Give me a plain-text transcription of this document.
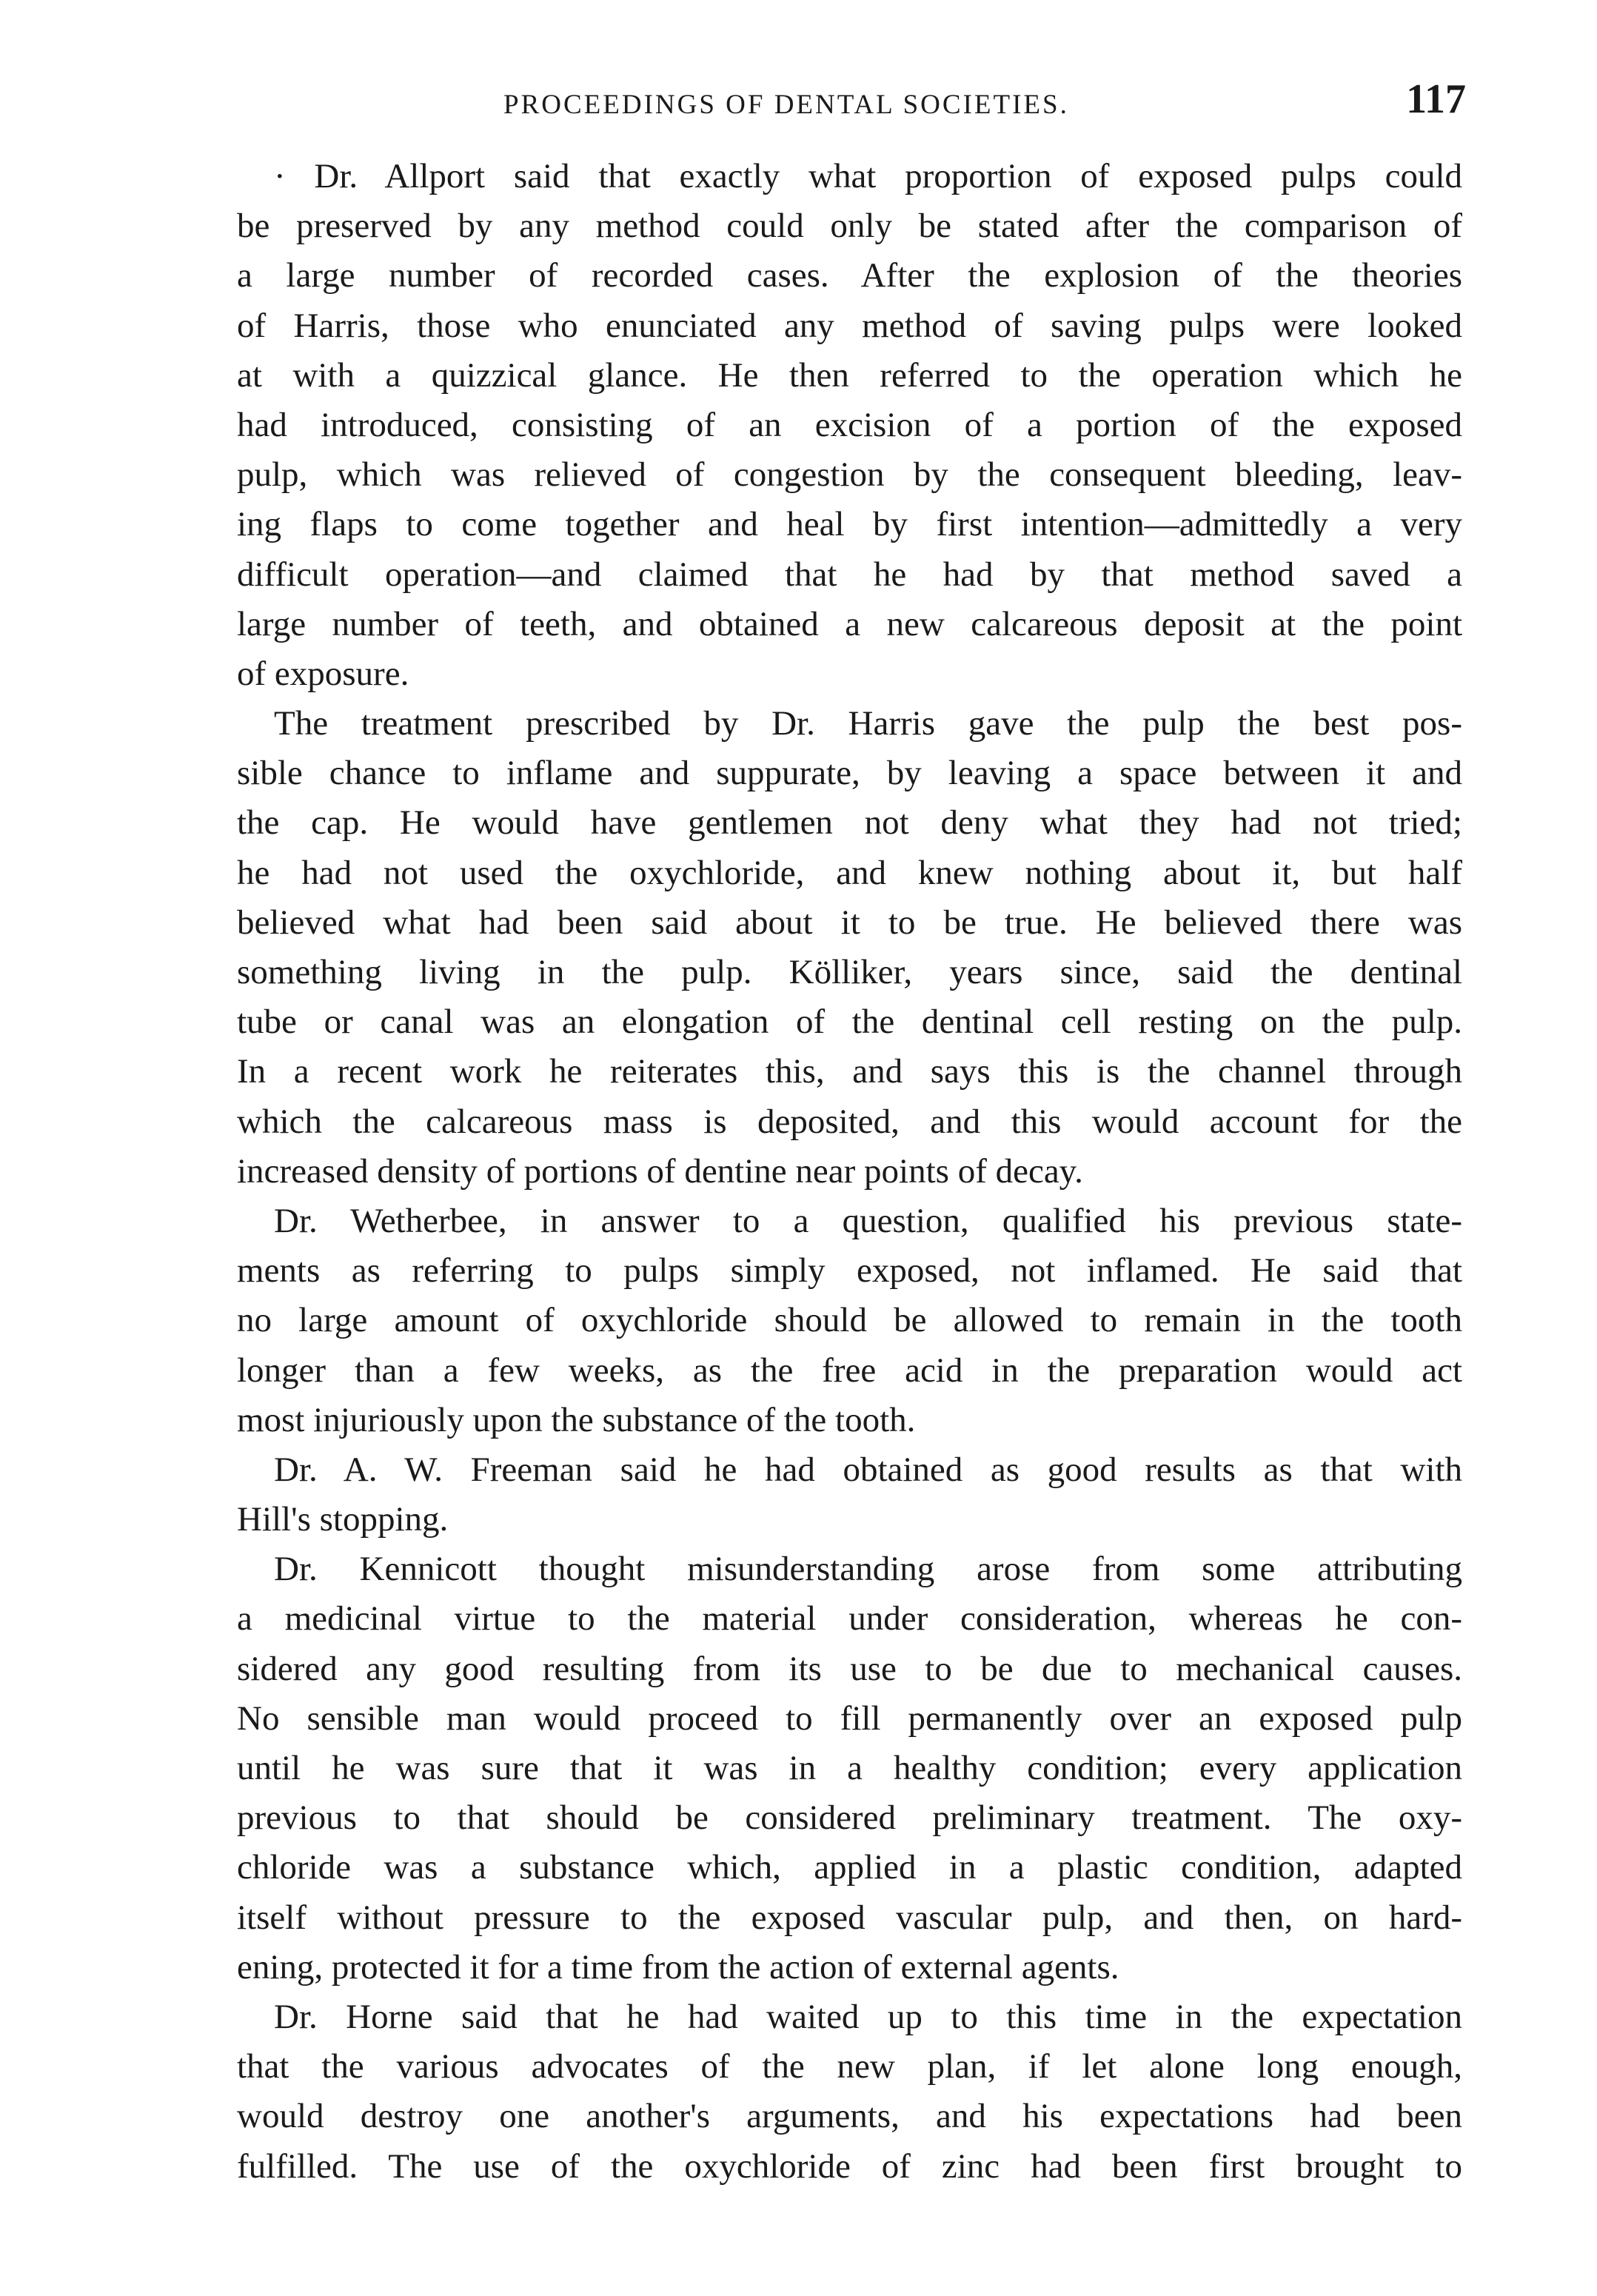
PROCEEDINGS OF DENTAL SOCIETIES.	117
· Dr. Allport said that exactly what proportion of exposed pulps could
be preserved by any method could only be stated after the comparison of
a large number of recorded cases. After the explosion of the theories
of Harris, those who enunciated any method of saving pulps were looked
at with a quizzical glance. He then referred to the operation which he
had introduced, consisting of an excision of a portion of the exposed
pulp, which was relieved of congestion by the consequent bleeding, leav-
ing flaps to come together and heal by first intention—admittedly a very
difficult operation—and claimed that he had by that method saved a
large number of teeth, and obtained a new calcareous deposit at the point
of exposure.
The treatment prescribed by Dr. Harris gave the pulp the best pos-
sible chance to inflame and suppurate, by leaving a space between it and
the cap. He would have gentlemen not deny what they had not tried;
he had not used the oxychloride, and knew nothing about it, but half
believed what had been said about it to be true. He believed there was
something living in the pulp. Kölliker, years since, said the dentinal
tube or canal was an elongation of the dentinal cell resting on the pulp.
In a recent work he reiterates this, and says this is the channel through
which the calcareous mass is deposited, and this would account for the
increased density of portions of dentine near points of decay.
Dr. Wetherbee, in answer to a question, qualified his previous state-
ments as referring to pulps simply exposed, not inflamed. He said that
no large amount of oxychloride should be allowed to remain in the tooth
longer than a few weeks, as the free acid in the preparation would act
most injuriously upon the substance of the tooth.
Dr. A. W. Freeman said he had obtained as good results as that with
Hill's stopping.
Dr. Kennicott thought misunderstanding arose from some attributing
a medicinal virtue to the material under consideration, whereas he con-
sidered any good resulting from its use to be due to mechanical causes.
No sensible man would proceed to fill permanently over an exposed pulp
until he was sure that it was in a healthy condition; every application
previous to that should be considered preliminary treatment. The oxy-
chloride was a substance which, applied in a plastic condition, adapted
itself without pressure to the exposed vascular pulp, and then, on hard-
ening, protected it for a time from the action of external agents.
Dr. Horne said that he had waited up to this time in the expectation
that the various advocates of the new plan, if let alone long enough,
would destroy one another's arguments, and his expectations had been
fulfilled. The use of the oxychloride of zinc had been first brought to
